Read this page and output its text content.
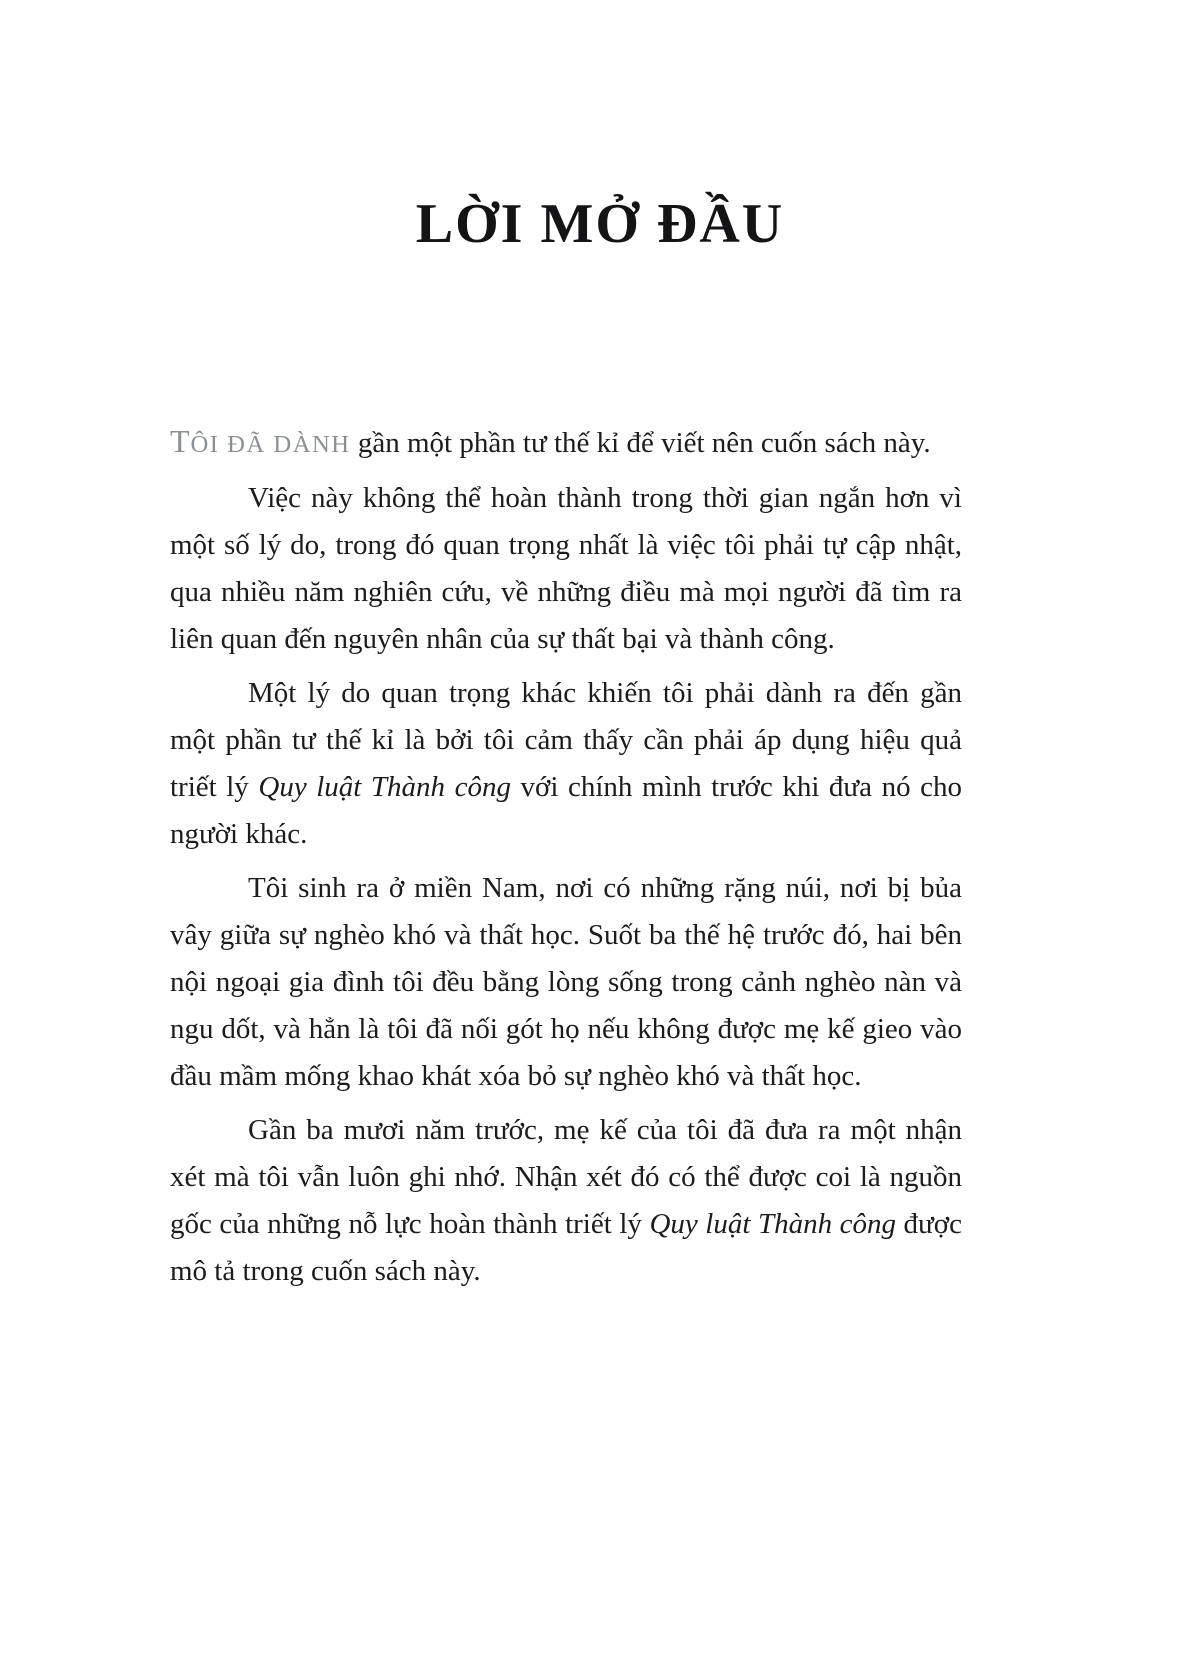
LỜI MỞ ĐẦU

TÔI ĐÃ DÀNH gần một phần tư thế kỉ để viết nên cuốn sách này.

Việc này không thể hoàn thành trong thời gian ngắn hơn vì một số lý do, trong đó quan trọng nhất là việc tôi phải tự cập nhật, qua nhiều năm nghiên cứu, về những điều mà mọi người đã tìm ra liên quan đến nguyên nhân của sự thất bại và thành công.

Một lý do quan trọng khác khiến tôi phải dành ra đến gần một phần tư thế kỉ là bởi tôi cảm thấy cần phải áp dụng hiệu quả triết lý Quy luật Thành công với chính mình trước khi đưa nó cho người khác.

Tôi sinh ra ở miền Nam, nơi có những rặng núi, nơi bị bủa vây giữa sự nghèo khó và thất học. Suốt ba thế hệ trước đó, hai bên nội ngoại gia đình tôi đều bằng lòng sống trong cảnh nghèo nàn và ngu dốt, và hẳn là tôi đã nối gót họ nếu không được mẹ kế gieo vào đầu mầm mống khao khát xóa bỏ sự nghèo khó và thất học.

Gần ba mươi năm trước, mẹ kế của tôi đã đưa ra một nhận xét mà tôi vẫn luôn ghi nhớ. Nhận xét đó có thể được coi là nguồn gốc của những nỗ lực hoàn thành triết lý Quy luật Thành công được mô tả trong cuốn sách này.
